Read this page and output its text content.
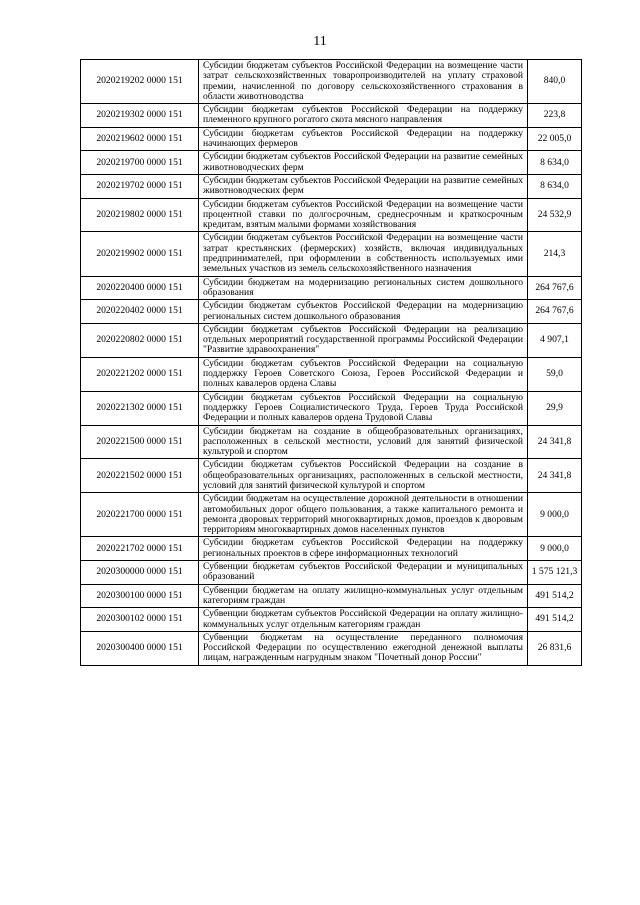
11
2020219202 0000 151	Субсидии бюджетам субъектов Российской Федерации на возмещение части затрат сельскохозяйственных товаропроизводителей на уплату страховой премии, начисленной по договору сельскохозяйственного страхования в области животноводства	840,0
2020219302 0000 151	Субсидии бюджетам субъектов Российской Федерации на поддержку племенного крупного рогатого скота мясного направления	223,8
2020219602 0000 151	Субсидии бюджетам субъектов Российской Федерации на поддержку начинающих фермеров	22 005,0
2020219700 0000 151	Субсидии бюджетам субъектов Российской Федерации на развитие семейных животноводческих ферм	8 634,0
2020219702 0000 151	Субсидии бюджетам субъектов Российской Федерации на развитие семейных животноводческих ферм	8 634,0
2020219802 0000 151	Субсидии бюджетам субъектов Российской Федерации на возмещение части процентной ставки по долгосрочным, среднесрочным и краткосрочным кредитам, взятым малыми формами хозяйствования	24 532,9
2020219902 0000 151	Субсидии бюджетам субъектов Российской Федерации на возмещение части затрат крестьянских (фермерских) хозяйств, включая индивидуальных предпринимателей, при оформлении в собственность используемых ими земельных участков из земель сельскохозяйственного назначения	214,3
2020220400 0000 151	Субсидии бюджетам на модернизацию региональных систем дошкольного образования	264 767,6
2020220402 0000 151	Субсидии бюджетам субъектов Российской Федерации на модернизацию региональных систем дошкольного образования	264 767,6
2020220802 0000 151	Субсидии бюджетам субъектов Российской Федерации на реализацию отдельных мероприятий государственной программы Российской Федерации "Развитие здравоохранения"	4 907,1
2020221202 0000 151	Субсидии бюджетам субъектов Российской Федерации на социальную поддержку Героев Советского Союза, Героев Российской Федерации и полных кавалеров ордена Славы	59,0
2020221302 0000 151	Субсидии бюджетам субъектов Российской Федерации на социальную поддержку Героев Социалистического Труда, Героев Труда Российской Федерации и полных кавалеров ордена Трудовой Славы	29,9
2020221500 0000 151	Субсидии бюджетам на создание в общеобразовательных организациях, расположенных в сельской местности, условий для занятий физической культурой и спортом	24 341,8
2020221502 0000 151	Субсидии бюджетам субъектов Российской Федерации на создание в общеобразовательных организациях, расположенных в сельской местности, условий для занятий физической культурой и спортом	24 341,8
2020221700 0000 151	Субсидии бюджетам на осуществление дорожной деятельности в отношении автомобильных дорог общего пользования, а также капитального ремонта и ремонта дворовых территорий многоквартирных домов, проездов к дворовым территориям многоквартирных домов населенных пунктов	9 000,0
2020221702 0000 151	Субсидии бюджетам субъектов Российской Федерации на поддержку региональных проектов в сфере информационных технологий	9 000,0
2020300000 0000 151	Субвенции бюджетам субъектов Российской Федерации и муниципальных образований	1 575 121,3
2020300100 0000 151	Субвенции бюджетам на оплату жилищно-коммунальных услуг отдельным категориям граждан	491 514,2
2020300102 0000 151	Субвенции бюджетам субъектов Российской Федерации на оплату жилищно-коммунальных услуг отдельным категориям граждан	491 514,2
2020300400 0000 151	Субвенции бюджетам на осуществление переданного полномочия Российской Федерации по осуществлению ежегодной денежной выплаты лицам, награжденным нагрудным знаком "Почетный донор России"	26 831,6
